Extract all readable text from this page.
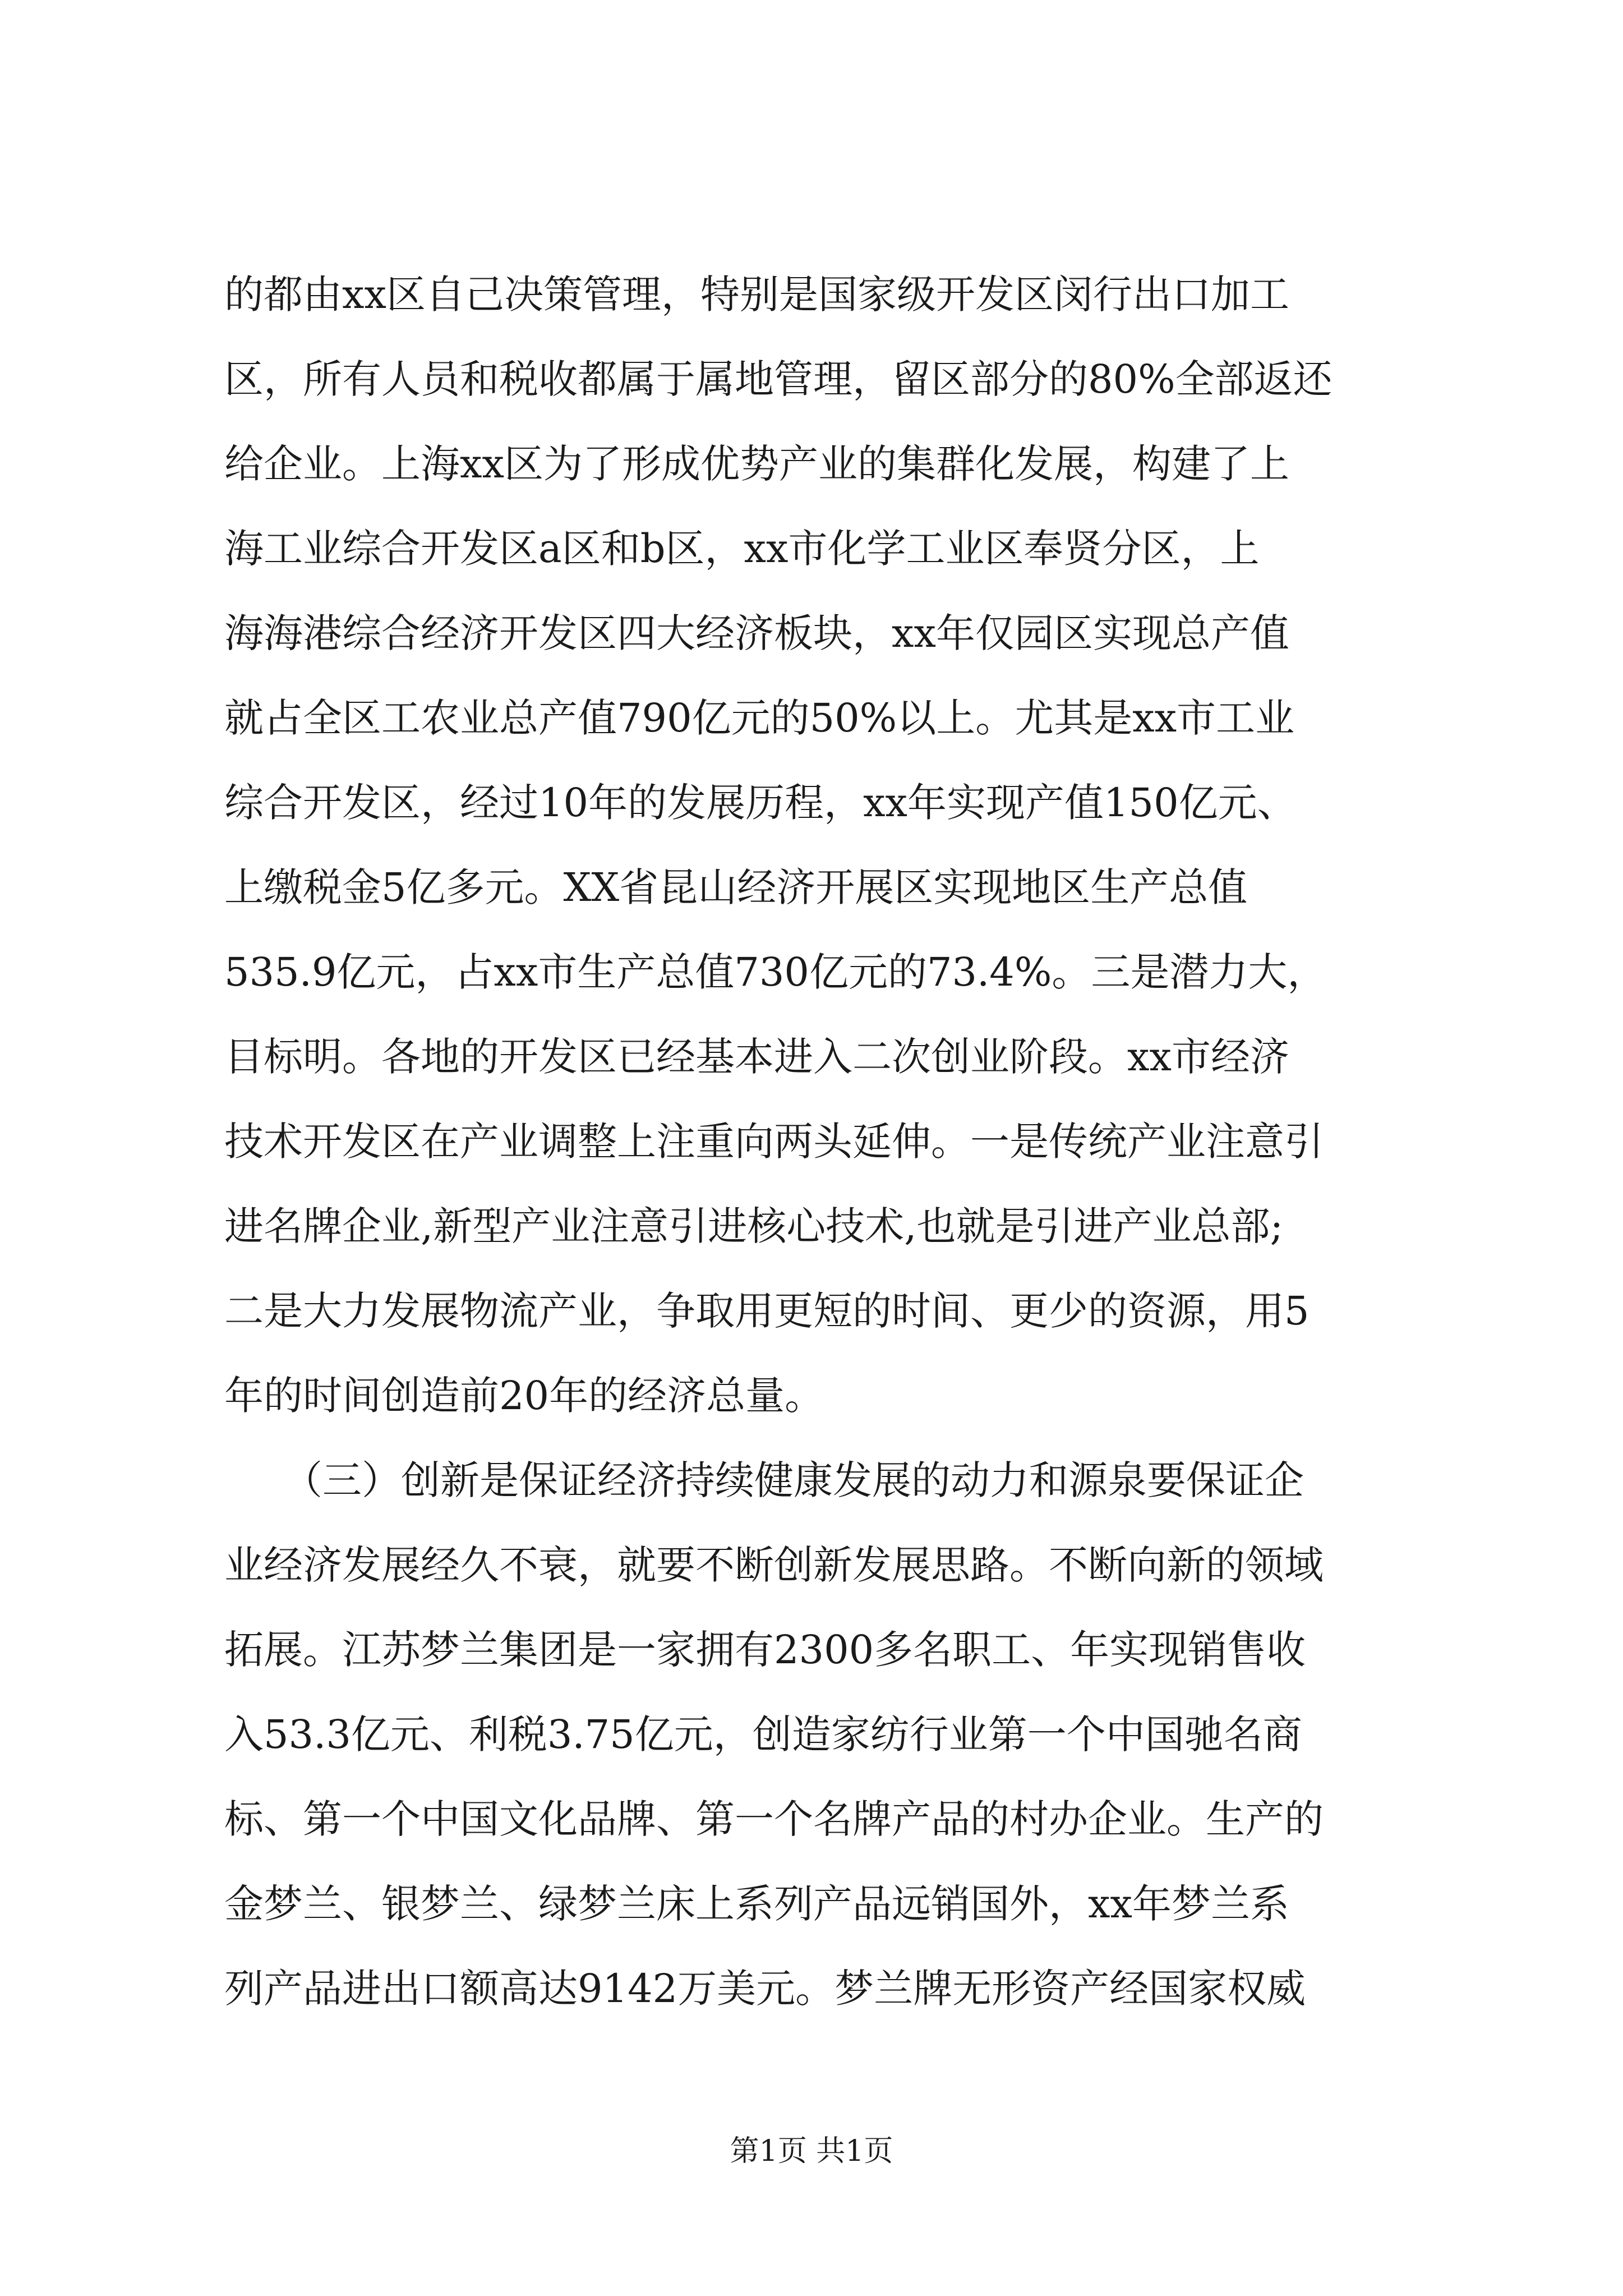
的都由xx区自己决策管理，特别是国家级开发区闵行出口加工
区，所有人员和税收都属于属地管理，留区部分的80%全部返还
给企业。上海xx区为了形成优势产业的集群化发展，构建了上
海工业综合开发区a区和b区，xx市化学工业区奉贤分区，上
海海港综合经济开发区四大经济板块，xx年仅园区实现总产值
就占全区工农业总产值790亿元的50%以上。尤其是xx市工业
综合开发区，经过10年的发展历程，xx年实现产值150亿元、
上缴税金5亿多元。XX省昆山经济开展区实现地区生产总值
535.9亿元，占xx市生产总值730亿元的73.4%。三是潜力大，
目标明。各地的开发区已经基本进入二次创业阶段。xx市经济
技术开发区在产业调整上注重向两头延伸。一是传统产业注意引
进名牌企业,新型产业注意引进核心技术,也就是引进产业总部;
二是大力发展物流产业，争取用更短的时间、更少的资源，用5
年的时间创造前20年的经济总量。
　　（三）创新是保证经济持续健康发展的动力和源泉要保证企
业经济发展经久不衰，就要不断创新发展思路。不断向新的领域
拓展。江苏梦兰集团是一家拥有2300多名职工、年实现销售收
入53.3亿元、利税3.75亿元，创造家纺行业第一个中国驰名商
标、第一个中国文化品牌、第一个名牌产品的村办企业。生产的
金梦兰、银梦兰、绿梦兰床上系列产品远销国外，xx年梦兰系
列产品进出口额高达9142万美元。梦兰牌无形资产经国家权威
第1页 共1页
